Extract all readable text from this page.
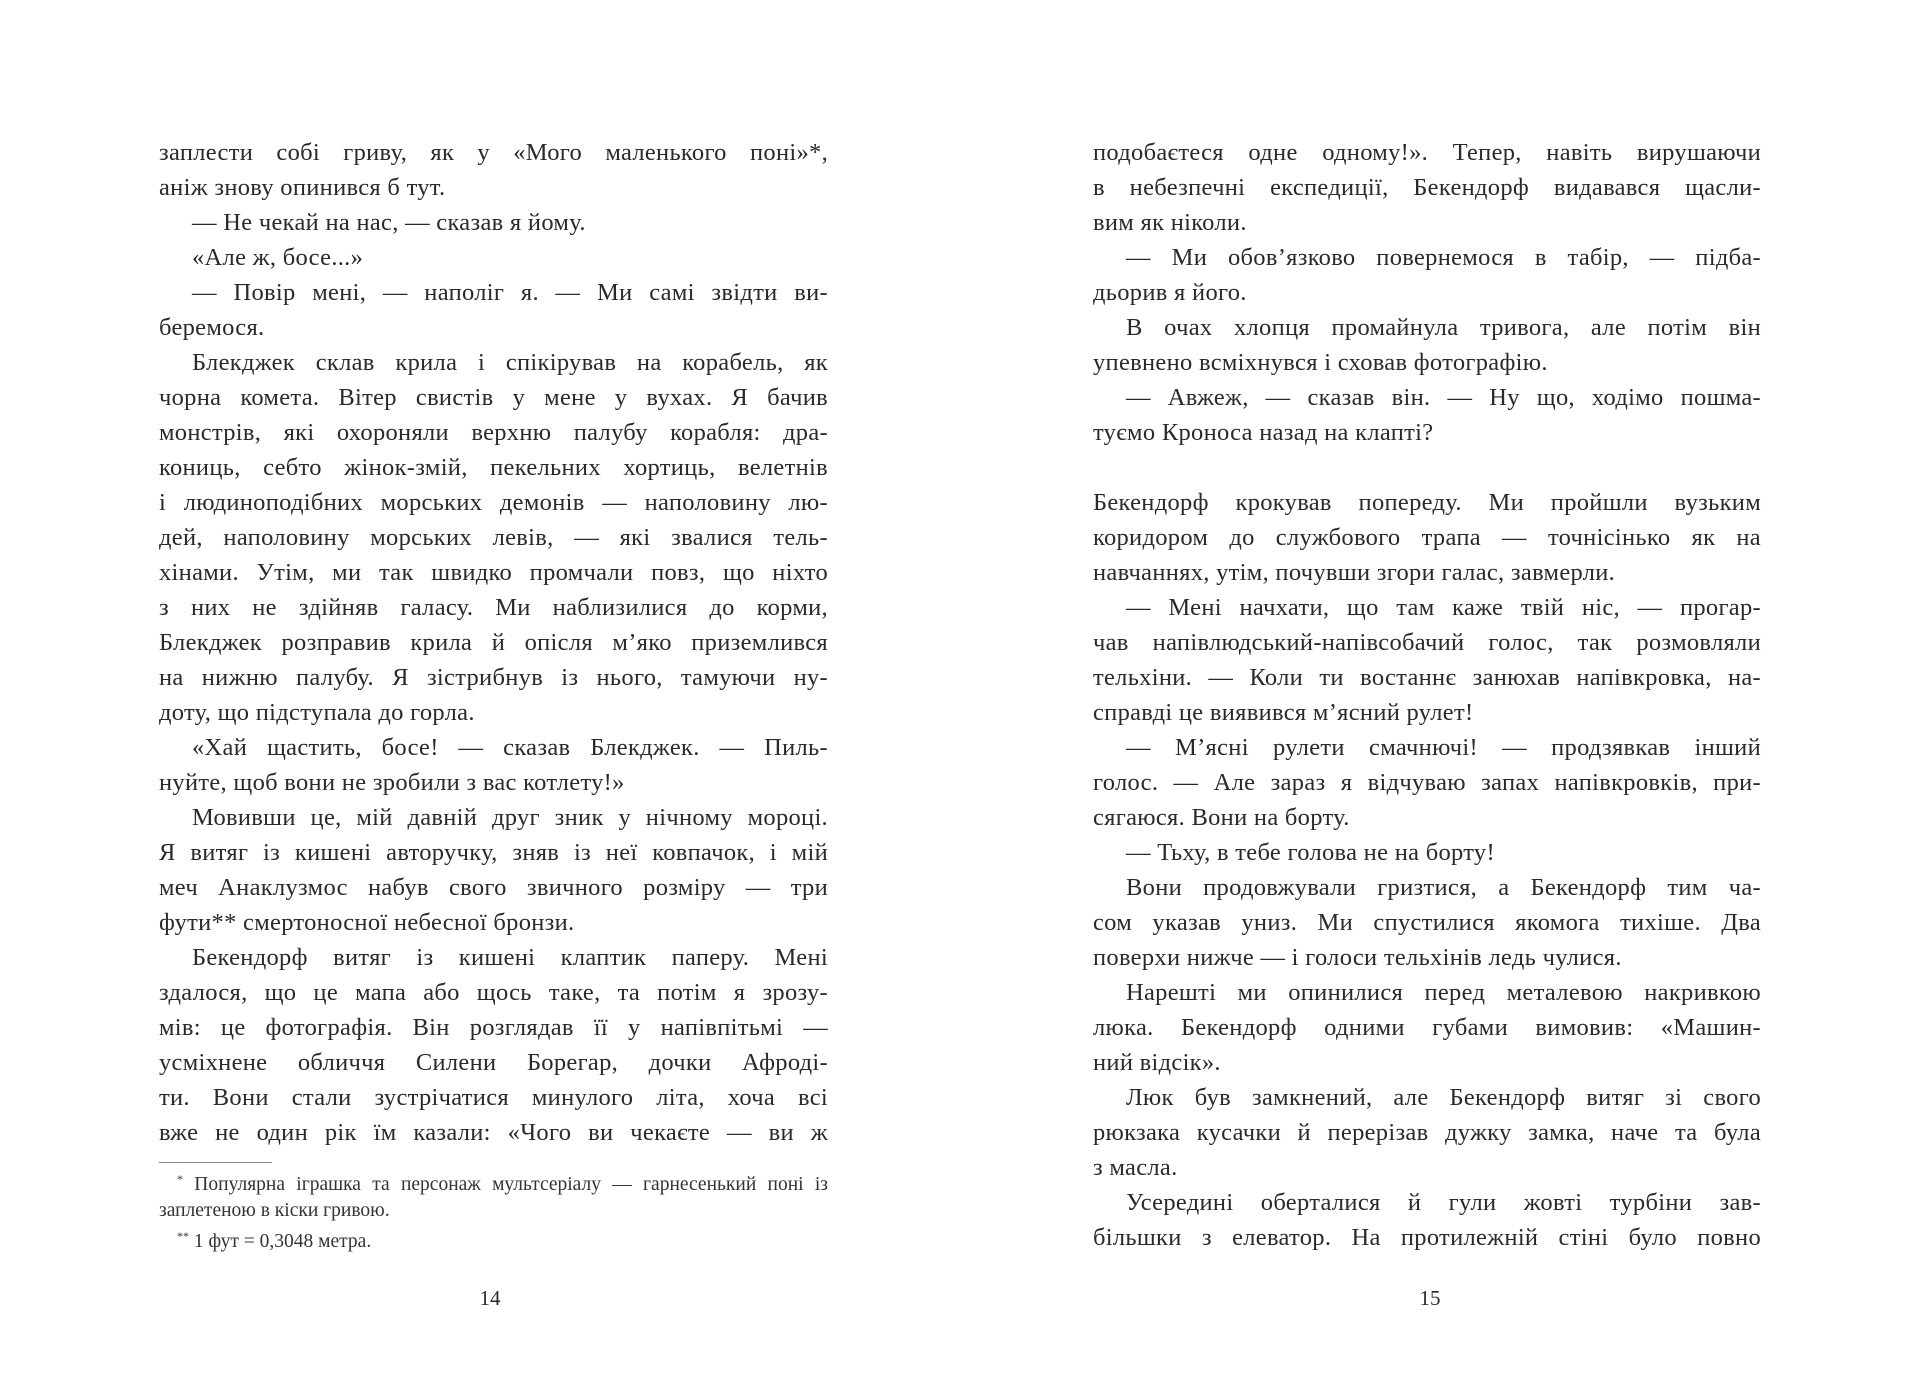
заплести собі гриву, як у «Мого маленького поні»*,
аніж знову опинився б тут.
— Не чекай на нас, — сказав я йому.
«Але ж, босе...»
— Повір мені, — наполіг я. — Ми самі звідти ви-
беремося.
Блекджек склав крила і спікірував на корабель, як
чорна комета. Вітер свистів у мене у вухах. Я бачив
монстрів, які охороняли верхню палубу корабля: дра-
кониць, себто жінок-змій, пекельних хортиць, велетнів
і людиноподібних морських демонів — наполовину лю-
дей, наполовину морських левів, — які звалися тель-
хінами. Утім, ми так швидко промчали повз, що ніхто
з них не здійняв галасу. Ми наблизилися до корми,
Блекджек розправив крила й опісля м’яко приземлився
на нижню палубу. Я зістрибнув із нього, тамуючи ну-
доту, що підступала до горла.
«Хай щастить, босе! — сказав Блекджек. — Пиль-
нуйте, щоб вони не зробили з вас котлету!»
Мовивши це, мій давній друг зник у нічному мороці.
Я витяг із кишені авторучку, зняв із неї ковпачок, і мій
меч Анаклузмос набув свого звичного розміру — три
фути** смертоносної небесної бронзи.
Бекендорф витяг із кишені клаптик паперу. Мені
здалося, що це мапа або щось таке, та потім я зрозу-
мів: це фотографія. Він розглядав її у напівпітьмі —
усміхнене обличчя Силени Борегар, дочки Афроді-
ти. Вони стали зустрічатися минулого літа, хоча всі
вже не один рік їм казали: «Чого ви чекаєте — ви ж
* Популярна іграшка та персонаж мультсеріалу — гарнесенький поні із заплетеною в кіски гривою.
** 1 фут = 0,3048 метра.
14
подобаєтеся одне одному!». Тепер, навіть вирушаючи
в небезпечні експедиції, Бекендорф видавався щасли-
вим як ніколи.
— Ми обов’язково повернемося в табір, — підба-
дьорив я його.
В очах хлопця промайнула тривога, але потім він
упевнено всміхнувся і сховав фотографію.
— Авжеж, — сказав він. — Ну що, ходімо пошма-
туємо Кроноса назад на клапті?
Бекендорф крокував попереду. Ми пройшли вузьким
коридором до службового трапа — точнісінько як на
навчаннях, утім, почувши згори галас, завмерли.
— Мені начхати, що там каже твій ніс, — прогар-
чав напівлюдський-напівсобачий голос, так розмовляли
тельхіни. — Коли ти востаннє занюхав напівкровка, на-
справді це виявився м’ясний рулет!
— М’ясні рулети смачнючі! — продзявкав інший
голос. — Але зараз я відчуваю запах напівкровків, при-
сягаюся. Вони на борту.
— Тьху, в тебе голова не на борту!
Вони продовжували гризтися, а Бекендорф тим ча-
сом указав униз. Ми спустилися якомога тихіше. Два
поверхи нижче — і голоси тельхінів ледь чулися.
Нарешті ми опинилися перед металевою накривкою
люка. Бекендорф одними губами вимовив: «Машин-
ний відсік».
Люк був замкнений, але Бекендорф витяг зі свого
рюкзака кусачки й перерізав дужку замка, наче та була
з масла.
Усередині оберталися й гули жовті турбіни зав-
більшки з елеватор. На протилежній стіні було повно
15
